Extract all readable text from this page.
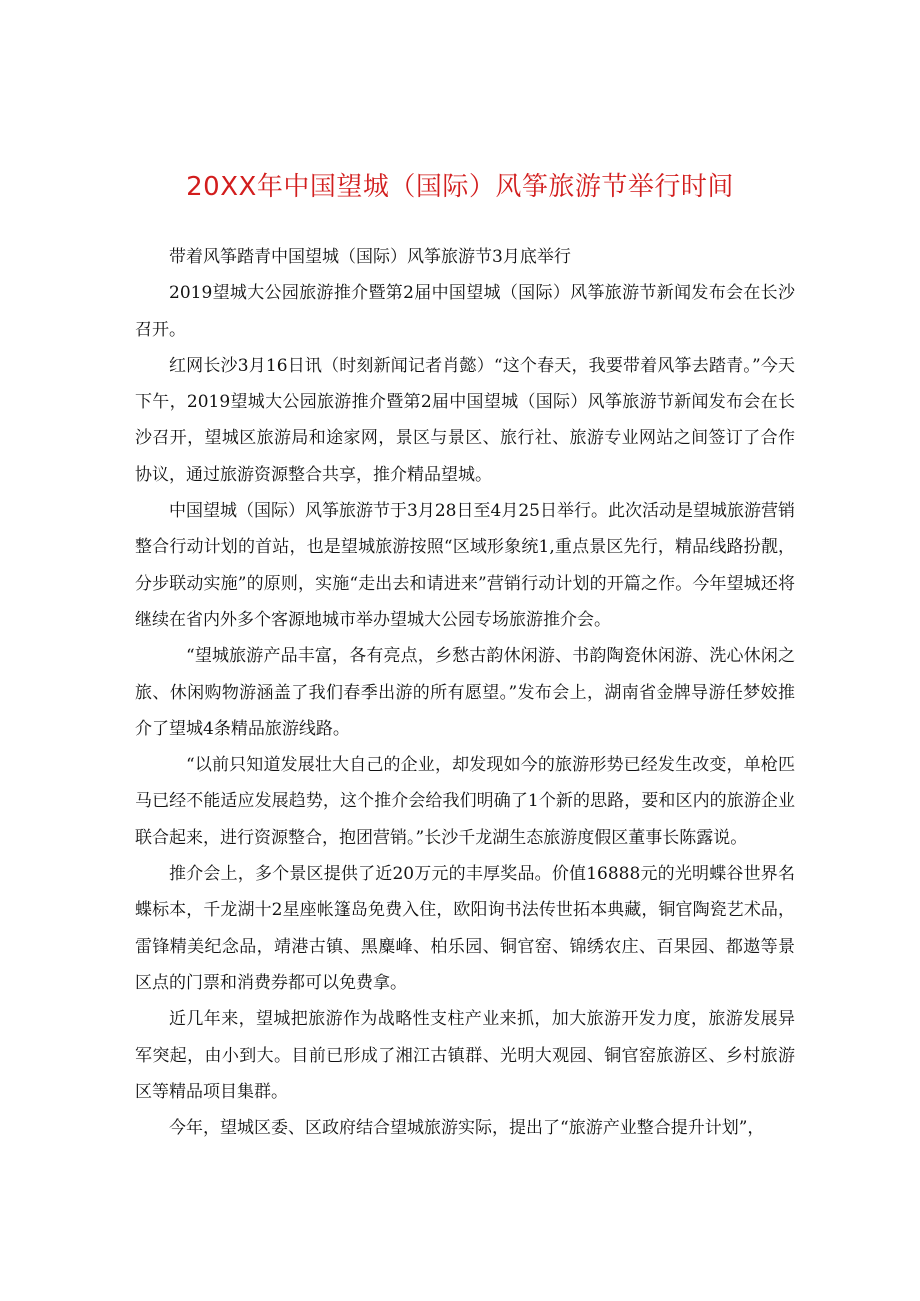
20XX年中国望城（国际）风筝旅游节举行时间

带着风筝踏青中国望城（国际）风筝旅游节3月底举行

2019望城大公园旅游推介暨第2届中国望城（国际）风筝旅游节新闻发布会在长沙召开。

红网长沙3月16日讯（时刻新闻记者肖懿）“这个春天，我要带着风筝去踏青。”今天下午，2019望城大公园旅游推介暨第2届中国望城（国际）风筝旅游节新闻发布会在长沙召开，望城区旅游局和途家网，景区与景区、旅行社、旅游专业网站之间签订了合作协议，通过旅游资源整合共享，推介精品望城。

中国望城（国际）风筝旅游节于3月28日至4月25日举行。此次活动是望城旅游营销整合行动计划的首站，也是望城旅游按照“区域形象统1,重点景区先行，精品线路扮靓，分步联动实施”的原则，实施“走出去和请进来”营销行动计划的开篇之作。今年望城还将继续在省内外多个客源地城市举办望城大公园专场旅游推介会。

“望城旅游产品丰富，各有亮点，乡愁古韵休闲游、书韵陶瓷休闲游、洗心休闲之旅、休闲购物游涵盖了我们春季出游的所有愿望。”发布会上，湖南省金牌导游任梦姣推介了望城4条精品旅游线路。

“以前只知道发展壮大自己的企业，却发现如今的旅游形势已经发生改变，单枪匹马已经不能适应发展趋势，这个推介会给我们明确了1个新的思路，要和区内的旅游企业联合起来，进行资源整合，抱团营销。”长沙千龙湖生态旅游度假区董事长陈露说。

推介会上，多个景区提供了近20万元的丰厚奖品。价值16888元的光明蝶谷世界名蝶标本，千龙湖十2星座帐篷岛免费入住，欧阳询书法传世拓本典藏，铜官陶瓷艺术品，雷锋精美纪念品，靖港古镇、黑麋峰、柏乐园、铜官窑、锦绣农庄、百果园、都遨等景区点的门票和消费券都可以免费拿。

近几年来，望城把旅游作为战略性支柱产业来抓，加大旅游开发力度，旅游发展异军突起，由小到大。目前已形成了湘江古镇群、光明大观园、铜官窑旅游区、乡村旅游区等精品项目集群。

今年，望城区委、区政府结合望城旅游实际，提出了“旅游产业整合提升计划”，
